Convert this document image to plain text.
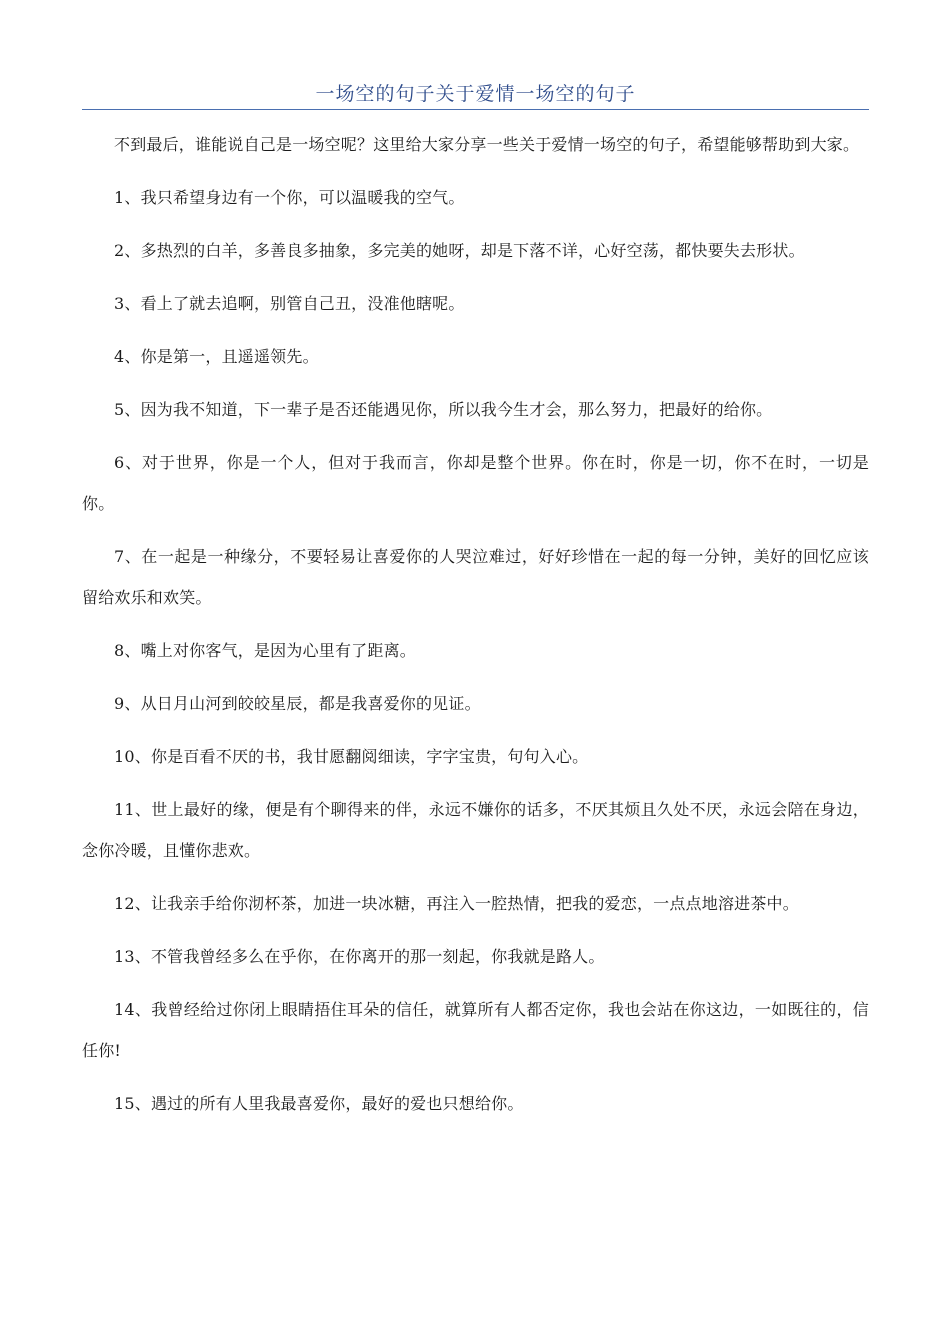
一场空的句子关于爱情一场空的句子

不到最后，谁能说自己是一场空呢？这里给大家分享一些关于爱情一场空的句子，希望能够帮助到大家。

1、我只希望身边有一个你，可以温暖我的空气。

2、多热烈的白羊，多善良多抽象，多完美的她呀，却是下落不详，心好空荡，都快要失去形状。

3、看上了就去追啊，别管自己丑，没准他瞎呢。

4、你是第一，且遥遥领先。

5、因为我不知道，下一辈子是否还能遇见你，所以我今生才会，那么努力，把最好的给你。

6、对于世界，你是一个人，但对于我而言，你却是整个世界。你在时，你是一切，你不在时，一切是你。

7、在一起是一种缘分，不要轻易让喜爱你的人哭泣难过，好好珍惜在一起的每一分钟，美好的回忆应该留给欢乐和欢笑。

8、嘴上对你客气，是因为心里有了距离。

9、从日月山河到皎皎星辰，都是我喜爱你的见证。

10、你是百看不厌的书，我甘愿翻阅细读，字字宝贵，句句入心。

11、世上最好的缘，便是有个聊得来的伴，永远不嫌你的话多，不厌其烦且久处不厌，永远会陪在身边，念你冷暖，且懂你悲欢。

12、让我亲手给你沏杯茶，加进一块冰糖，再注入一腔热情，把我的爱恋，一点点地溶进茶中。

13、不管我曾经多么在乎你，在你离开的那一刻起，你我就是路人。

14、我曾经给过你闭上眼睛捂住耳朵的信任，就算所有人都否定你，我也会站在你这边，一如既往的，信任你!

15、遇过的所有人里我最喜爱你，最好的爱也只想给你。
